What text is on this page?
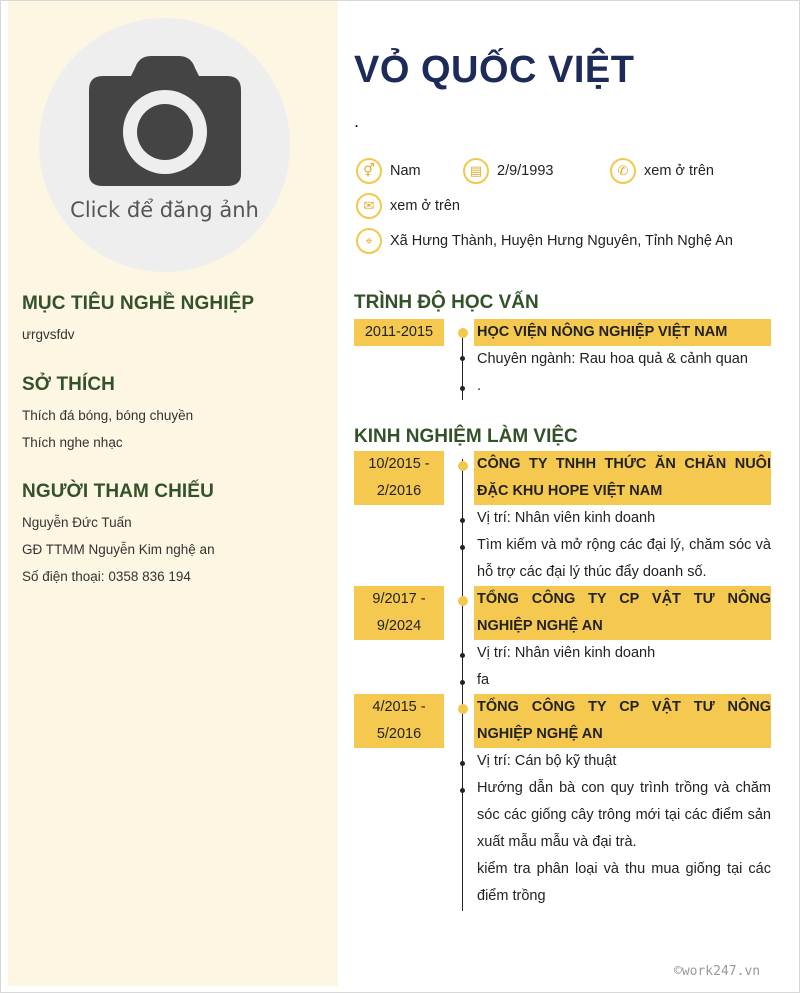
Click để đăng ảnh
MỤC TIÊU NGHỀ NGHIỆP
ưrgvsfdv
SỞ THÍCH
Thích đá bóng, bóng chuyền
Thích nghe nhạc
NGƯỜI THAM CHIẾU
Nguyễn Đức Tuấn
GĐ TTMM Nguyễn Kim nghệ an
Số điện thoại: 0358 836 194
VỎ QUỐC VIỆT
.
⚥	Nam	▤	2/9/1993	✆	xem ở trên
✉	xem ở trên
⌖	Xã Hưng Thành, Huyện Hưng Nguyên, Tỉnh Nghệ An
TRÌNH ĐỘ HỌC VẤN
2011-2015	HỌC VIỆN NÔNG NGHIỆP VIỆT NAM
Chuyên ngành: Rau hoa quả & cảnh quan
.
KINH NGHIỆM LÀM VIỆC
10/2015 -
2/2016
CÔNG TY TNHH THỨC ĂN CHĂN NUÔI ĐẶC KHU HOPE VIỆT NAM
Vị trí: Nhân viên kinh doanh
Tìm kiếm và mở rộng các đại lý, chăm sóc và hỗ trợ các đại lý thúc đẩy doanh số.
9/2017 -
9/2024
TỔNG CÔNG TY CP VẬT TƯ NÔNG NGHIỆP NGHỆ AN
Vị trí: Nhân viên kinh doanh
fa
4/2015 -
5/2016
TỔNG CÔNG TY CP VẬT TƯ NÔNG NGHIỆP NGHỆ AN
Vị trí: Cán bộ kỹ thuật
Hướng dẫn bà con quy trình trồng và chăm sóc các giống cây trông mới tại các điểm sản xuất mẫu mẫu và đại trà.
kiểm tra phân loại và thu mua giống tại các điểm trồng
©work247.vn
